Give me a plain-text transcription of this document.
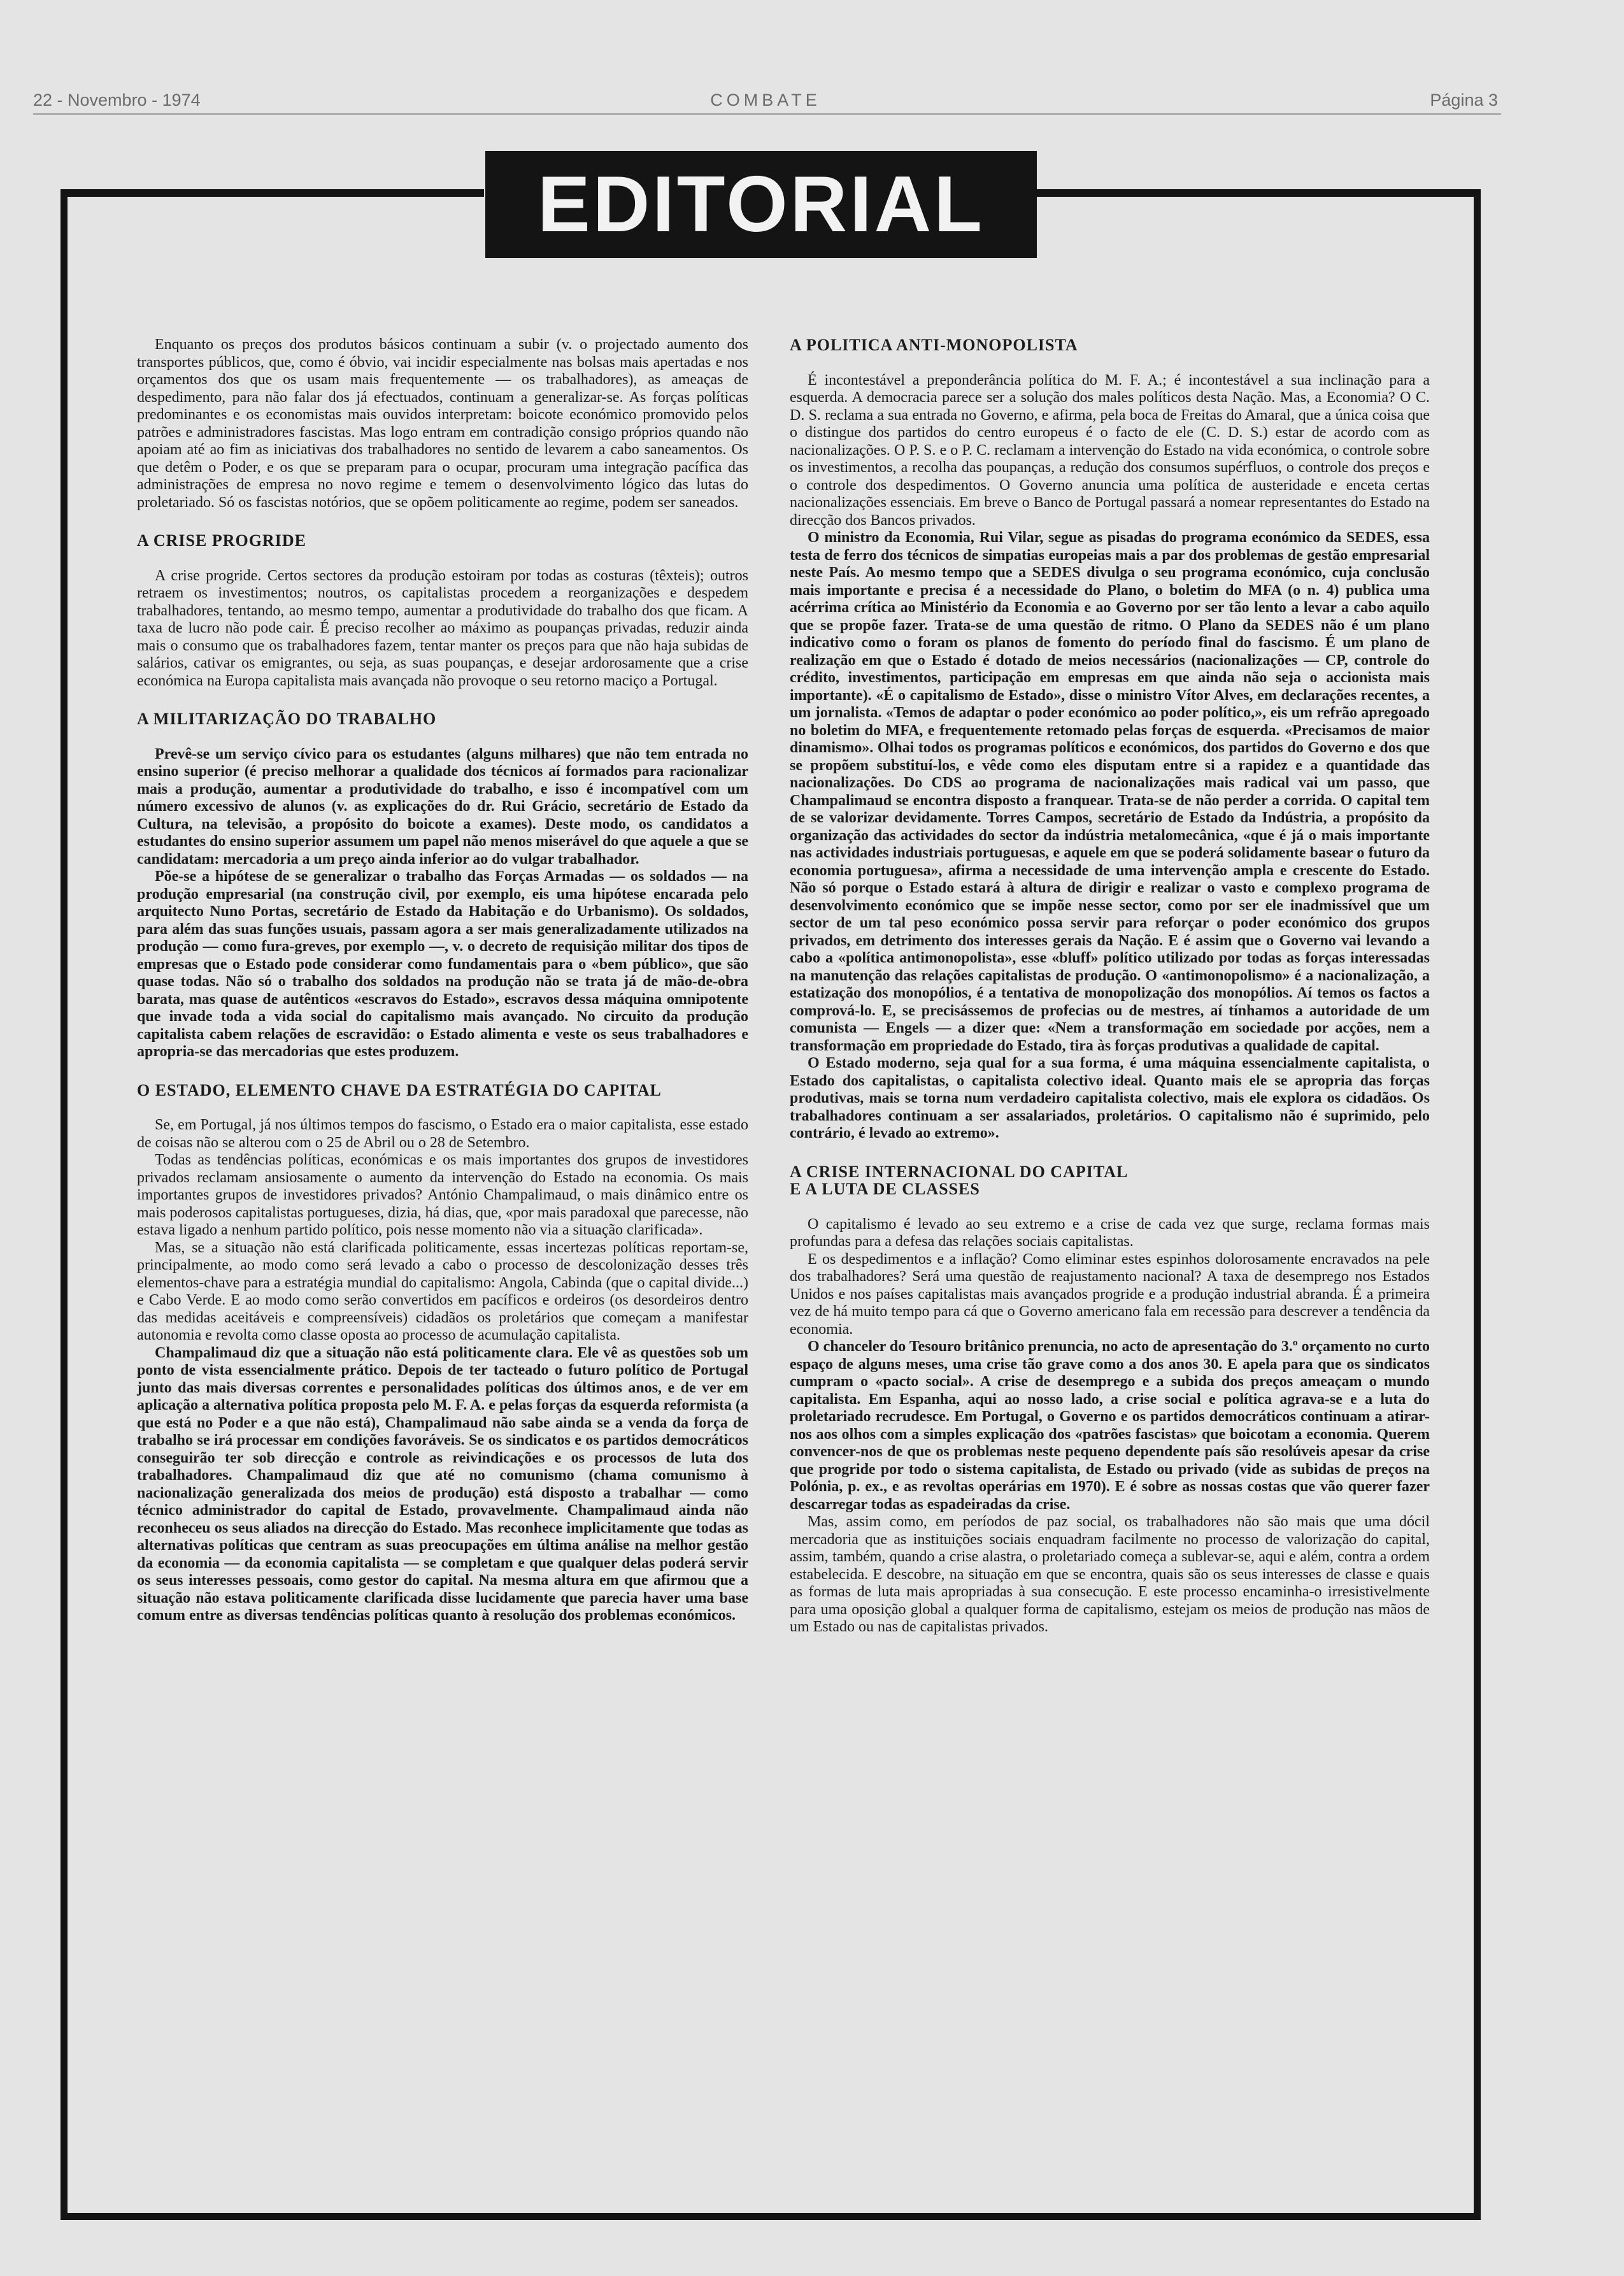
22 - Novembro - 1974	COMBATE	Página 3
EDITORIAL

Enquanto os preços dos produtos básicos continuam a subir (v. o projectado aumento dos transportes públicos, que, como é óbvio, vai incidir especialmente nas bolsas mais apertadas e nos orçamentos dos que os usam mais frequentemente — os trabalhadores), as ameaças de despedimento, para não falar dos já efectuados, continuam a generalizar-se. As forças políticas predominantes e os economistas mais ouvidos interpretam: boicote económico promovido pelos patrões e administradores fascistas. Mas logo entram em contradição consigo próprios quando não apoiam até ao fim as iniciativas dos trabalhadores no sentido de levarem a cabo saneamentos. Os que detêm o Poder, e os que se preparam para o ocupar, procuram uma integração pacífica das administrações de empresa no novo regime e temem o desenvolvimento lógico das lutas do proletariado. Só os fascistas notórios, que se opõem politicamente ao regime, podem ser saneados.

A CRISE PROGRIDE

A crise progride. Certos sectores da produção estoiram por todas as costuras (têxteis); outros retraem os investimentos; noutros, os capitalistas procedem a reorganizações e despedem trabalhadores, tentando, ao mesmo tempo, aumentar a produtividade do trabalho dos que ficam. A taxa de lucro não pode cair. É preciso recolher ao máximo as poupanças privadas, reduzir ainda mais o consumo que os trabalhadores fazem, tentar manter os preços para que não haja subidas de salários, cativar os emigrantes, ou seja, as suas poupanças, e desejar ardorosamente que a crise económica na Europa capitalista mais avançada não provoque o seu retorno maciço a Portugal.

A MILITARIZAÇÃO DO TRABALHO

Prevê-se um serviço cívico para os estudantes (alguns milhares) que não tem entrada no ensino superior (é preciso melhorar a qualidade dos técnicos aí formados para racionalizar mais a produção, aumentar a produtividade do trabalho, e isso é incompatível com um número excessivo de alunos (v. as explicações do dr. Rui Grácio, secretário de Estado da Cultura, na televisão, a propósito do boicote a exames). Deste modo, os candidatos a estudantes do ensino superior assumem um papel não menos miserável do que aquele a que se candidatam: mercadoria a um preço ainda inferior ao do vulgar trabalhador.

Põe-se a hipótese de se generalizar o trabalho das Forças Armadas — os soldados — na produção empresarial (na construção civil, por exemplo, eis uma hipótese encarada pelo arquitecto Nuno Portas, secretário de Estado da Habitação e do Urbanismo). Os soldados, para além das suas funções usuais, passam agora a ser mais generalizadamente utilizados na produção — como fura-greves, por exemplo —, v. o decreto de requisição militar dos tipos de empresas que o Estado pode considerar como fundamentais para o «bem público», que são quase todas. Não só o trabalho dos soldados na produção não se trata já de mão-de-obra barata, mas quase de autênticos «escravos do Estado», escravos dessa máquina omnipotente que invade toda a vida social do capitalismo mais avançado. No circuito da produção capitalista cabem relações de escravidão: o Estado alimenta e veste os seus trabalhadores e apropria-se das mercadorias que estes produzem.

O ESTADO, ELEMENTO CHAVE DA ESTRATÉGIA DO CAPITAL

Se, em Portugal, já nos últimos tempos do fascismo, o Estado era o maior capitalista, esse estado de coisas não se alterou com o 25 de Abril ou o 28 de Setembro.

Todas as tendências políticas, económicas e os mais importantes dos grupos de investidores privados reclamam ansiosamente o aumento da intervenção do Estado na economia. Os mais importantes grupos de investidores privados? António Champalimaud, o mais dinâmico entre os mais poderosos capitalistas portugueses, dizia, há dias, que, «por mais paradoxal que parecesse, não estava ligado a nenhum partido político, pois nesse momento não via a situação clarificada».

Mas, se a situação não está clarificada politicamente, essas incertezas políticas reportam-se, principalmente, ao modo como será levado a cabo o processo de descolonização desses três elementos-chave para a estratégia mundial do capitalismo: Angola, Cabinda (que o capital divide...) e Cabo Verde. E ao modo como serão convertidos em pacíficos e ordeiros (os desordeiros dentro das medidas aceitáveis e compreensíveis) cidadãos os proletários que começam a manifestar autonomia e revolta como classe oposta ao processo de acumulação capitalista.

Champalimaud diz que a situação não está politicamente clara. Ele vê as questões sob um ponto de vista essencialmente prático. Depois de ter tacteado o futuro político de Portugal junto das mais diversas correntes e personalidades políticas dos últimos anos, e de ver em aplicação a alternativa política proposta pelo M. F. A. e pelas forças da esquerda reformista (a que está no Poder e a que não está), Champalimaud não sabe ainda se a venda da força de trabalho se irá processar em condições favoráveis. Se os sindicatos e os partidos democráticos conseguirão ter sob direcção e controle as reivindicações e os processos de luta dos trabalhadores. Champalimaud diz que até no comunismo (chama comunismo à nacionalização generalizada dos meios de produção) está disposto a trabalhar — como técnico administrador do capital de Estado, provavelmente. Champalimaud ainda não reconheceu os seus aliados na direcção do Estado. Mas reconhece implicitamente que todas as alternativas políticas que centram as suas preocupações em última análise na melhor gestão da economia — da economia capitalista — se completam e que qualquer delas poderá servir os seus interesses pessoais, como gestor do capital. Na mesma altura em que afirmou que a situação não estava politicamente clarificada disse lucidamente que parecia haver uma base comum entre as diversas tendências políticas quanto à resolução dos problemas económicos.

A POLITICA ANTI-MONOPOLISTA

É incontestável a preponderância política do M. F. A.; é incontestável a sua inclinação para a esquerda. A democracia parece ser a solução dos males políticos desta Nação. Mas, a Economia? O C. D. S. reclama a sua entrada no Governo, e afirma, pela boca de Freitas do Amaral, que a única coisa que o distingue dos partidos do centro europeus é o facto de ele (C. D. S.) estar de acordo com as nacionalizações. O P. S. e o P. C. reclamam a intervenção do Estado na vida económica, o controle sobre os investimentos, a recolha das poupanças, a redução dos consumos supérfluos, o controle dos preços e o controle dos despedimentos. O Governo anuncia uma política de austeridade e enceta certas nacionalizações essenciais. Em breve o Banco de Portugal passará a nomear representantes do Estado na direcção dos Bancos privados.

O ministro da Economia, Rui Vilar, segue as pisadas do programa económico da SEDES, essa testa de ferro dos técnicos de simpatias europeias mais a par dos problemas de gestão empresarial neste País. Ao mesmo tempo que a SEDES divulga o seu programa económico, cuja conclusão mais importante e precisa é a necessidade do Plano, o boletim do MFA (o n. 4) publica uma acérrima crítica ao Ministério da Economia e ao Governo por ser tão lento a levar a cabo aquilo que se propõe fazer. Trata-se de uma questão de ritmo. O Plano da SEDES não é um plano indicativo como o foram os planos de fomento do período final do fascismo. É um plano de realização em que o Estado é dotado de meios necessários (nacionalizações — CP, controle do crédito, investimentos, participação em empresas em que ainda não seja o accionista mais importante). «É o capitalismo de Estado», disse o ministro Vítor Alves, em declarações recentes, a um jornalista. «Temos de adaptar o poder económico ao poder político,», eis um refrão apregoado no boletim do MFA, e frequentemente retomado pelas forças de esquerda. «Precisamos de maior dinamismo». Olhai todos os programas políticos e económicos, dos partidos do Governo e dos que se propõem substituí-los, e vêde como eles disputam entre si a rapidez e a quantidade das nacionalizações. Do CDS ao programa de nacionalizações mais radical vai um passo, que Champalimaud se encontra disposto a franquear. Trata-se de não perder a corrida. O capital tem de se valorizar devidamente. Torres Campos, secretário de Estado da Indústria, a propósito da organização das actividades do sector da indústria metalomecânica, «que é já o mais importante nas actividades industriais portuguesas, e aquele em que se poderá solidamente basear o futuro da economia portuguesa», afirma a necessidade de uma intervenção ampla e crescente do Estado. Não só porque o Estado estará à altura de dirigir e realizar o vasto e complexo programa de desenvolvimento económico que se impõe nesse sector, como por ser ele inadmissível que um sector de um tal peso económico possa servir para reforçar o poder económico dos grupos privados, em detrimento dos interesses gerais da Nação. E é assim que o Governo vai levando a cabo a «política antimonopolista», esse «bluff» político utilizado por todas as forças interessadas na manutenção das relações capitalistas de produção. O «antimonopolismo» é a nacionalização, a estatização dos monopólios, é a tentativa de monopolização dos monopólios. Aí temos os factos a comprová-lo. E, se precisássemos de profecias ou de mestres, aí tínhamos a autoridade de um comunista — Engels — a dizer que: «Nem a transformação em sociedade por acções, nem a transformação em propriedade do Estado, tira às forças produtivas a qualidade de capital.

O Estado moderno, seja qual for a sua forma, é uma máquina essencialmente capitalista, o Estado dos capitalistas, o capitalista colectivo ideal. Quanto mais ele se apropria das forças produtivas, mais se torna num verdadeiro capitalista colectivo, mais ele explora os cidadãos. Os trabalhadores continuam a ser assalariados, proletários. O capitalismo não é suprimido, pelo contrário, é levado ao extremo».

A CRISE INTERNACIONAL DO CAPITAL
E A LUTA DE CLASSES

O capitalismo é levado ao seu extremo e a crise de cada vez que surge, reclama formas mais profundas para a defesa das relações sociais capitalistas.

E os despedimentos e a inflação? Como eliminar estes espinhos dolorosamente encravados na pele dos trabalhadores? Será uma questão de reajustamento nacional? A taxa de desemprego nos Estados Unidos e nos países capitalistas mais avançados progride e a produção industrial abranda. É a primeira vez de há muito tempo para cá que o Governo americano fala em recessão para descrever a tendência da economia.

O chanceler do Tesouro britânico prenuncia, no acto de apresentação do 3.º orçamento no curto espaço de alguns meses, uma crise tão grave como a dos anos 30. E apela para que os sindicatos cumpram o «pacto social». A crise de desemprego e a subida dos preços ameaçam o mundo capitalista. Em Espanha, aqui ao nosso lado, a crise social e política agrava-se e a luta do proletariado recrudesce. Em Portugal, o Governo e os partidos democráticos continuam a atirar-nos aos olhos com a simples explicação dos «patrões fascistas» que boicotam a economia. Querem convencer-nos de que os problemas neste pequeno dependente país são resolúveis apesar da crise que progride por todo o sistema capitalista, de Estado ou privado (vide as subidas de preços na Polónia, p. ex., e as revoltas operárias em 1970). E é sobre as nossas costas que vão querer fazer descarregar todas as espadeiradas da crise.

Mas, assim como, em períodos de paz social, os trabalhadores não são mais que uma dócil mercadoria que as instituições sociais enquadram facilmente no processo de valorização do capital, assim, também, quando a crise alastra, o proletariado começa a sublevar-se, aqui e além, contra a ordem estabelecida. E descobre, na situação em que se encontra, quais são os seus interesses de classe e quais as formas de luta mais apropriadas à sua consecução. E este processo encaminha-o irresistivelmente para uma oposição global a qualquer forma de capitalismo, estejam os meios de produção nas mãos de um Estado ou nas de capitalistas privados.
